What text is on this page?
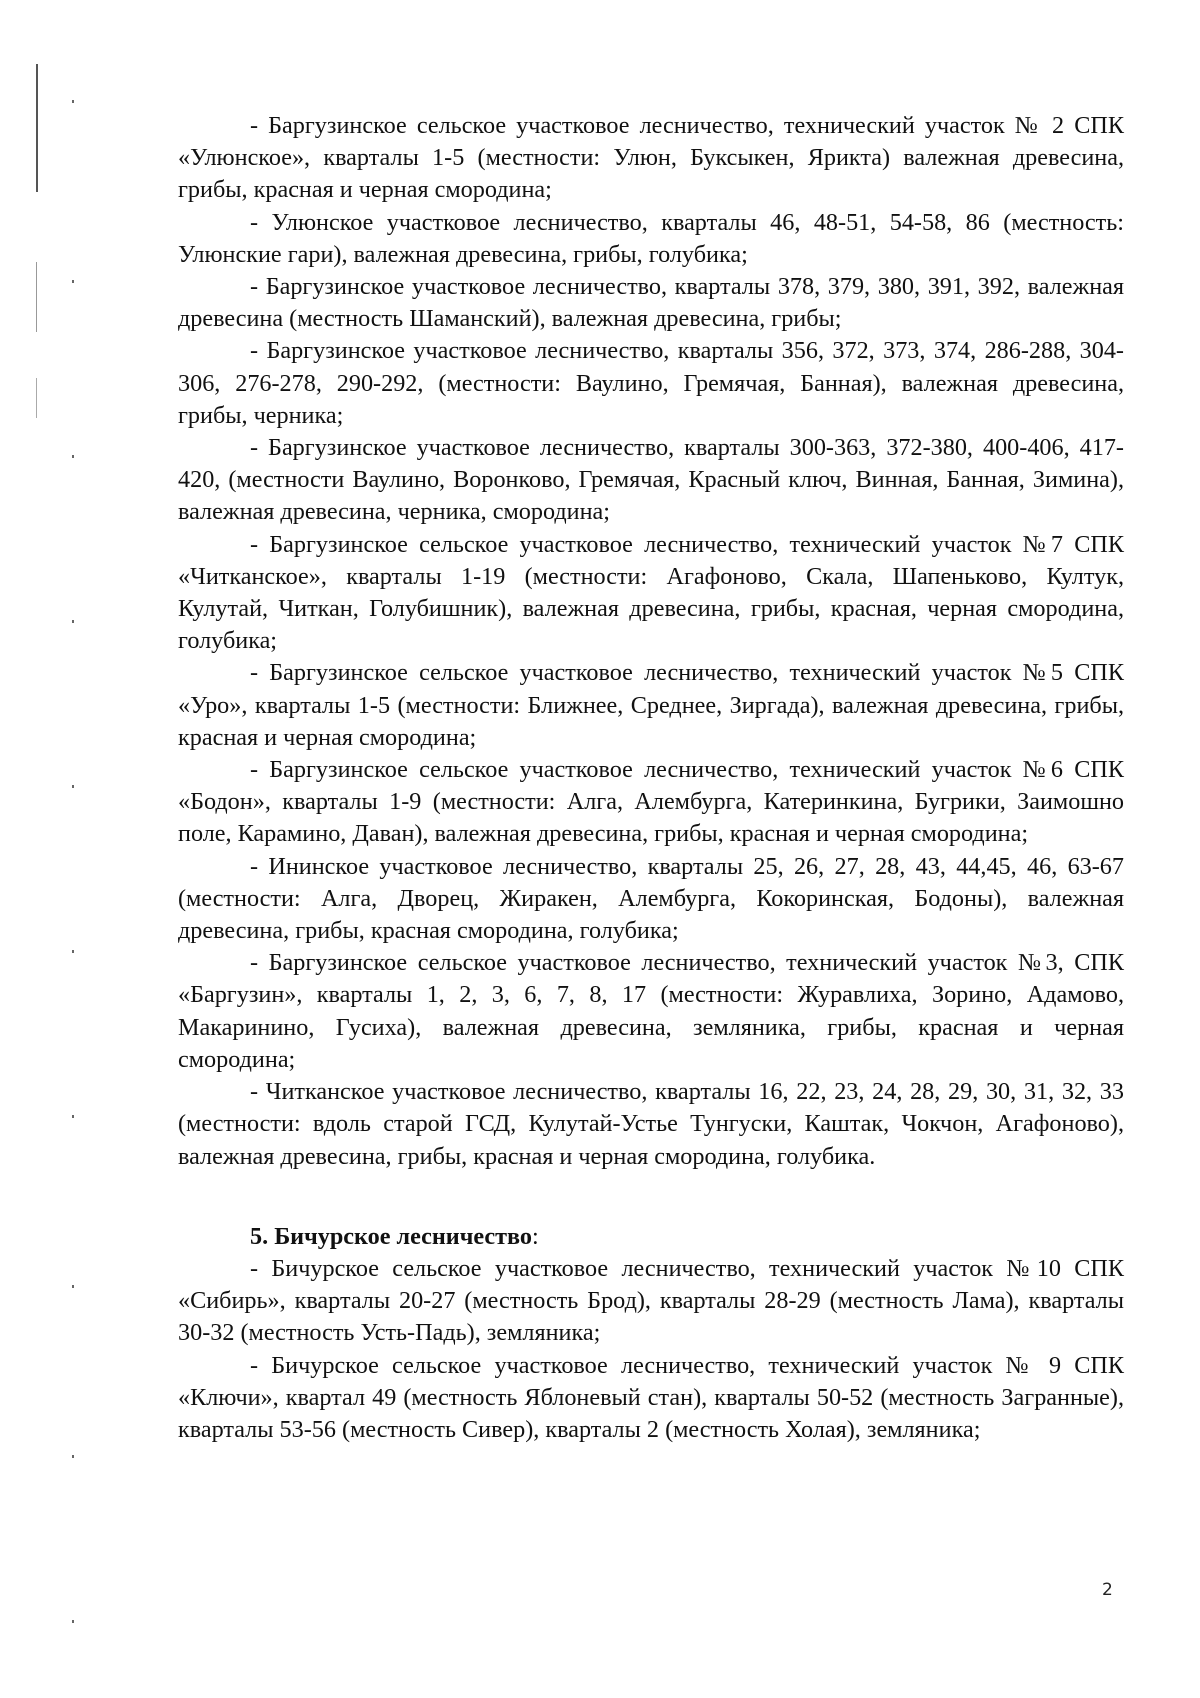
- Баргузинское сельское участковое лесничество, технический участок № 2 СПК «Улюнское», кварталы 1-5 (местности: Улюн, Буксыкен, Ярикта) валежная древесина, грибы, красная и черная смородина;

- Улюнское участковое лесничество, кварталы 46, 48-51, 54-58, 86 (местность: Улюнские гари), валежная древесина, грибы, голубика;

- Баргузинское участковое лесничество, кварталы 378, 379, 380, 391, 392, валежная древесина (местность Шаманский), валежная древесина, грибы;

- Баргузинское участковое лесничество, кварталы 356, 372, 373, 374, 286-288, 304-306, 276-278, 290-292, (местности: Ваулино, Гремячая, Банная), валежная древесина, грибы, черника;

- Баргузинское участковое лесничество, кварталы 300-363, 372-380, 400-406, 417-420, (местности Ваулино, Воронково, Гремячая, Красный ключ, Винная, Банная, Зимина), валежная древесина, черника, смородина;

- Баргузинское сельское участковое лесничество, технический участок №7 СПК «Читканское», кварталы 1-19 (местности: Агафоново, Скала, Шапеньково, Култук, Кулутай, Читкан, Голубишник), валежная древесина, грибы, красная, черная смородина, голубика;

- Баргузинское сельское участковое лесничество, технический участок №5 СПК «Уро», кварталы 1-5 (местности: Ближнее, Среднее, Зиргада), валежная древесина, грибы, красная и черная смородина;

- Баргузинское сельское участковое лесничество, технический участок №6 СПК «Бодон», кварталы 1-9 (местности: Алга, Алембурга, Катеринкина, Бугрики, Заимошно поле, Карамино, Даван), валежная древесина, грибы, красная и черная смородина;

- Ининское участковое лесничество, кварталы 25, 26, 27, 28, 43, 44,45, 46, 63-67 (местности: Алга, Дворец, Жиракен, Алембурга, Кокоринская, Бодоны), валежная древесина, грибы, красная смородина, голубика;

- Баргузинское сельское участковое лесничество, технический участок №3, СПК «Баргузин», кварталы 1, 2, 3, 6, 7, 8, 17 (местности: Журавлиха, Зорино, Адамово, Макаринино, Гусиха), валежная древесина, земляника, грибы, красная и черная смородина;

- Читканское участковое лесничество, кварталы 16, 22, 23, 24, 28, 29, 30, 31, 32, 33 (местности: вдоль старой ГСД, Кулутай-Устье Тунгуски, Каштак, Чокчон, Агафоново), валежная древесина, грибы, красная и черная смородина, голубика.

5. Бичурское лесничество:

- Бичурское сельское участковое лесничество, технический участок №10 СПК «Сибирь», кварталы 20-27 (местность Брод), кварталы 28-29 (местность Лама), кварталы 30-32 (местность Усть-Падь), земляника;

- Бичурское сельское участковое лесничество, технический участок № 9 СПК «Ключи», квартал 49 (местность Яблоневый стан), кварталы 50-52 (местность Загранные), кварталы 53-56 (местность Сивер), кварталы 2 (местность Холая), земляника;

2
